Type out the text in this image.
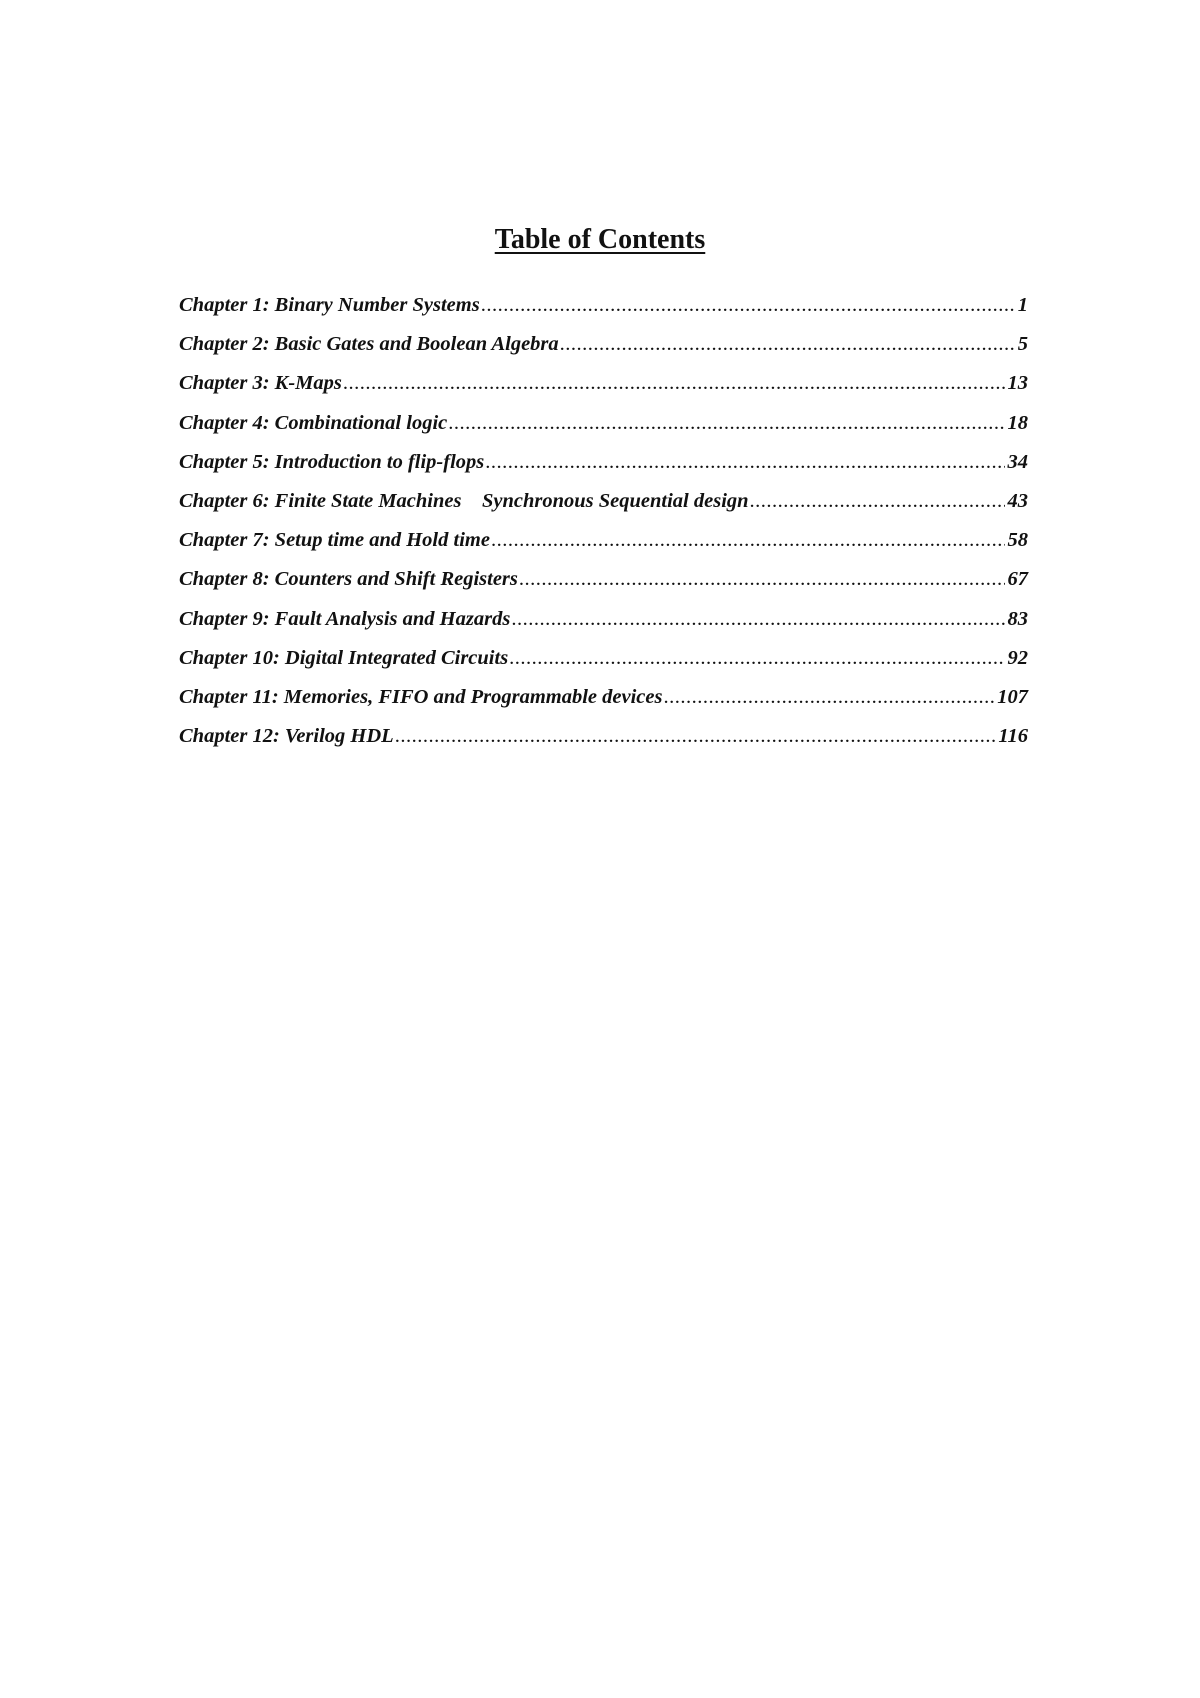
Table of Contents
Chapter 1: Binary Number Systems .....	1
Chapter 2: Basic Gates and Boolean Algebra .....	5
Chapter 3: K-Maps .....	13
Chapter 4: Combinational logic .....	18
Chapter 5: Introduction to flip-flops .....	34
Chapter 6: Finite State Machines    Synchronous Sequential design .....	43
Chapter 7: Setup time and Hold time .....	58
Chapter 8: Counters and Shift Registers .....	67
Chapter 9: Fault Analysis and Hazards .....	83
Chapter 10: Digital Integrated Circuits .....	92
Chapter 11: Memories, FIFO and Programmable devices .....	107
Chapter 12: Verilog HDL .....	116
